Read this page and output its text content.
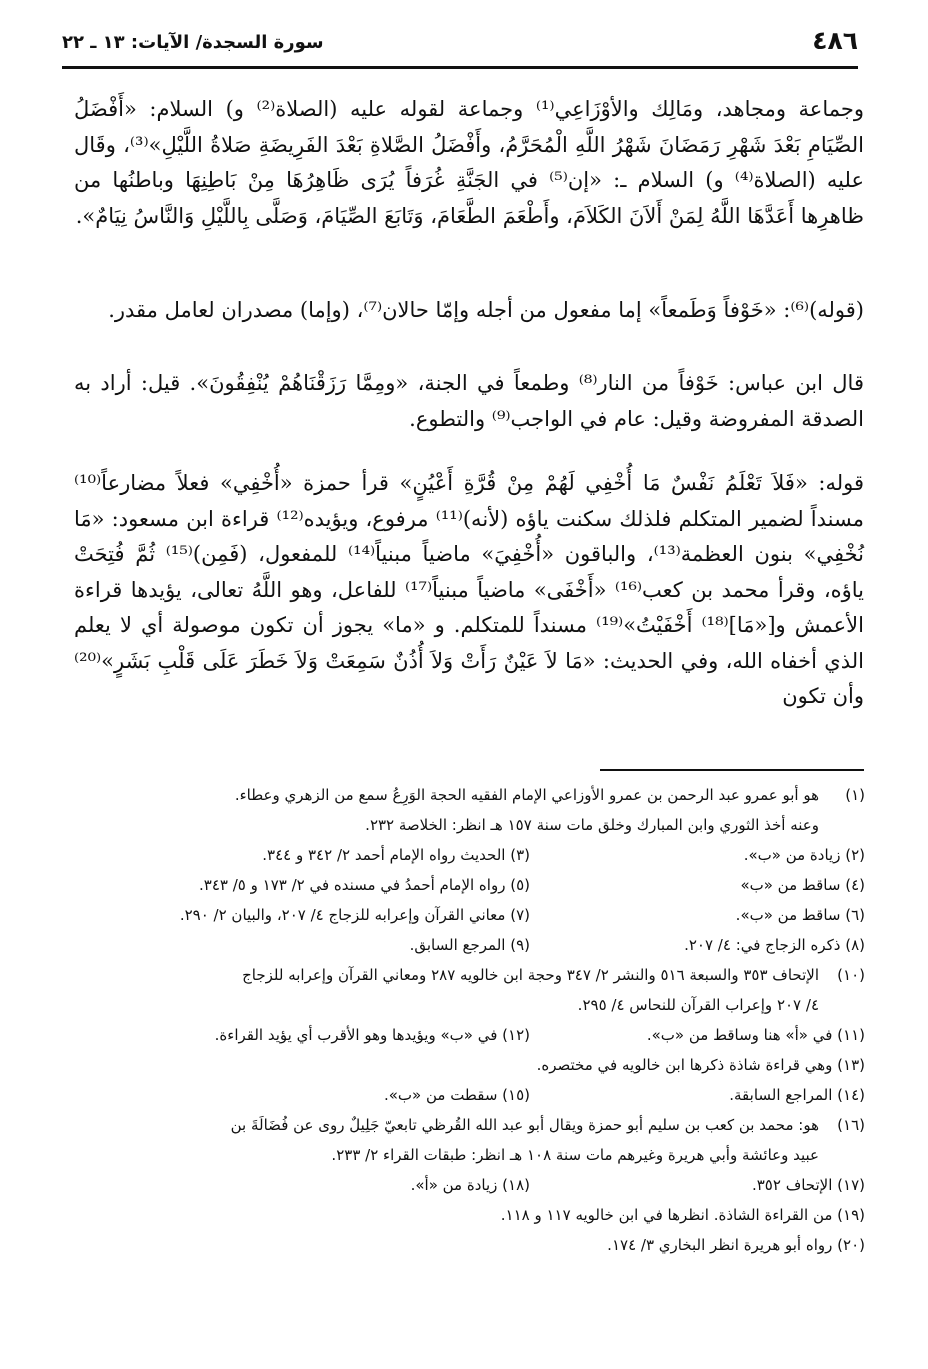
٤٨٦
سورة السجدة/ الآيات: ١٣ ـ ٢٢

وجماعة ومجاهد، ومَالِك والأوْزَاعِي⁽¹⁾ وجماعة لقوله عليه (الصلاة⁽²⁾ و) السلام: «أَفْضَلُ الصِّيَامِ بَعْدَ شَهْرِ رَمَضَانَ شَهْرُ اللَّهِ الْمُحَرَّمُ، وأَفْضَلُ الصَّلاةِ بَعْدَ الفَرِيضَةِ صَلاةُ اللَّيْلِ»⁽³⁾، وقَال عليه (الصلاة⁽⁴⁾ و) السلام ـ: «إن⁽⁵⁾ في الجَنَّةِ غُرَفاً يُرَى ظَاهِرُهَا مِنْ بَاطِنِهَا وباطنُها من ظاهرِها أَعَدَّهَا اللَّهُ لِمَنْ أَلاَنَ الكَلاَمَ، وأَطْعَمَ الطَّعَامَ، وَتَابَعَ الصِّيَامَ، وَصَلَّى بِاللَّيْلِ وَالنَّاسُ نِيَامٌ».

(قوله)⁽⁶⁾: «خَوْفاً وَطَمعاً» إما مفعول من أجله وإمّا حالان⁽⁷⁾، (وإما) مصدران لعامل مقدر.

قال ابن عباس: خَوْفاً من النار⁽⁸⁾ وطمعاً في الجنة، «ومِمَّا رَزَقْنَاهُمْ يُنْفِقُونَ». قيل: أراد به الصدقة المفروضة وقيل: عام في الواجب⁽⁹⁾ والتطوع.

قوله: «فَلاَ تَعْلَمُ نَفْسٌ مَا أُخْفِي لَهُمْ مِنْ قُرَّةِ أَعْيُنٍ» قرأ حمزة «أُخْفِي» فعلاً مضارعاً⁽¹⁰⁾ مسنداً لضمير المتكلم فلذلك سكنت ياؤه (لأنه)⁽¹¹⁾ مرفوع، ويؤيده⁽¹²⁾ قراءة ابن مسعود: «مَا نُخْفِي» بنون العظمة⁽¹³⁾، والباقون «أُخْفِيَ» ماضياً مبنياً⁽¹⁴⁾ للمفعول، (فَمِن)⁽¹⁵⁾ ثُمَّ فُتِحَتْ ياؤه، وقرأ محمد بن كعب⁽¹⁶⁾ «أَخْفَى» ماضياً مبنياً⁽¹⁷⁾ للفاعل، وهو اللَّهُ تعالى، يؤيدها قراءة الأعمش و[«مَا]⁽¹⁸⁾ أَخْفَيْتُ»⁽¹⁹⁾ مسنداً للمتكلم. و «ما» يجوز أن تكون موصولة أي لا يعلم الذي أخفاه الله، وفي الحديث: «مَا لاَ عَيْنٌ رَأَتْ وَلاَ أُذُنٌ سَمِعَتْ وَلاَ خَطَرَ عَلَى قَلْبِ بَشَرٍ»⁽²⁰⁾ وأن تكون

(١)هو أبو عمرو عبد الرحمن بن عمرو الأوزاعي الإمام الفقيه الحجة الوَرِعُ سمع من الزهري وعطاء.
وعنه أخذ الثوري وابن المبارك وخلق مات سنة ١٥٧ هـ انظر: الخلاصة ٢٣٢.
(٢) زيادة من «ب».
(٣) الحديث رواه الإمام أحمد ٢/ ٣٤٢ و ٣٤٤.
(٤) ساقط من «ب»
(٥) رواه الإمام أحمدُ في مسنده في ٢/ ١٧٣ و ٥/ ٣٤٣.
(٦) ساقط من «ب».
(٧) معاني القرآن وإعرابه للزجاج ٤/ ٢٠٧، والبيان ٢/ ٢٩٠.
(٨) ذكره الزجاج في: ٤/ ٢٠٧.
(٩) المرجع السابق.
(١٠)الإتحاف ٣٥٣ والسبعة ٥١٦ والنشر ٢/ ٣٤٧ وحجة ابن خالويه ٢٨٧ ومعاني القرآن وإعرابه للزجاج
٤/ ٢٠٧ وإعراب القرآن للنحاس ٤/ ٢٩٥.
(١١) في «أ» هنا وساقط من «ب».
(١٢) في «ب» ويؤيدها وهو الأقرب أي يؤيد القراءة.
(١٣) وهي قراءة شاذة ذكرها ابن خالويه في مختصره.
(١٤) المراجع السابقة.
(١٥) سقطت من «ب».
(١٦)هو: محمد بن كعب بن سليم أبو حمزة ويقال أبو عبد الله القُرظي تابعيّ جَلِيلٌ روى عن فُضَالَةَ بن
عبيد وعائشة وأبي هريرة وغيرهم مات سنة ١٠٨ هـ انظر: طبقات القراء ٢/ ٢٣٣.
(١٧) الإتحاف ٣٥٢.
(١٨) زيادة من «أ».
(١٩) من القراءة الشاذة. انظرها في ابن خالويه ١١٧ و ١١٨.
(٢٠) رواه أبو هريرة انظر البخاري ٣/ ١٧٤.
